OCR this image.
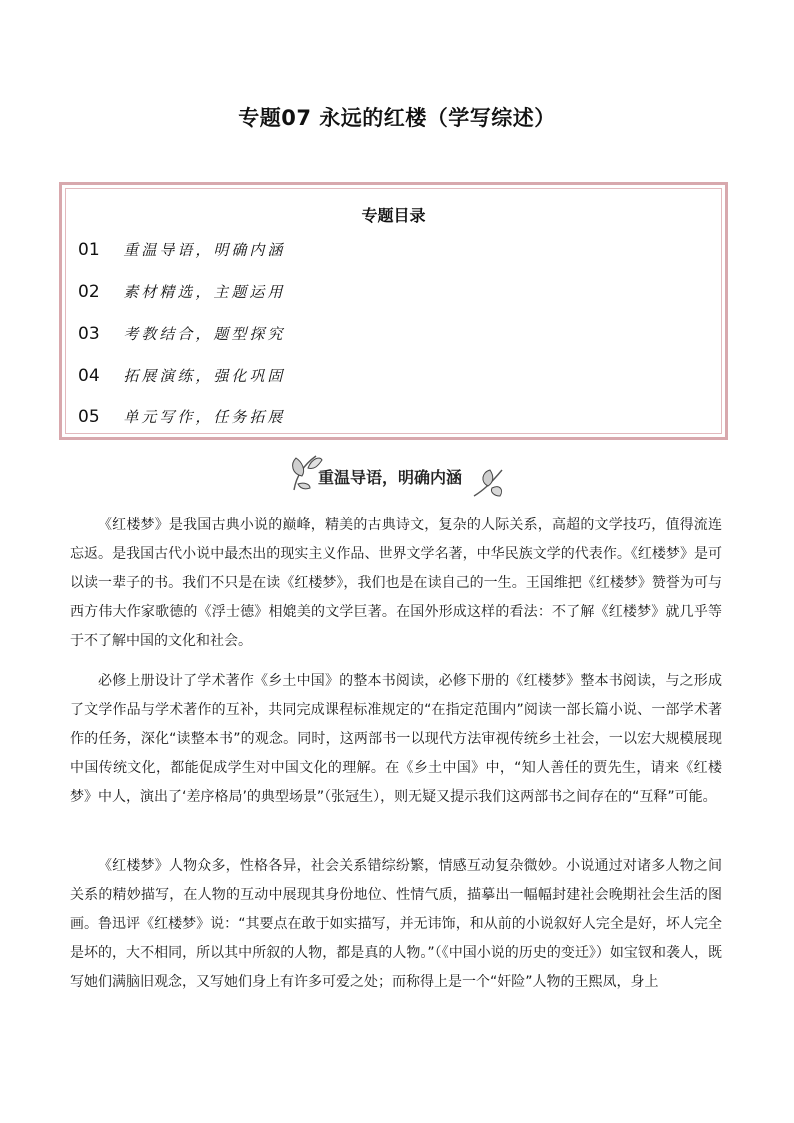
专题07 永远的红楼（学写综述）
专题目录
01 重温导语，明确内涵
02 素材精选，主题运用
03 考教结合，题型探究
04 拓展演练，强化巩固
05 单元写作，任务拓展
重温导语，明确内涵

《红楼梦》是我国古典小说的巅峰，精美的古典诗文，复杂的人际关系，高超的文学技巧，值得流连忘返。是我国古代小说中最杰出的现实主义作品、世界文学名著，中华民族文学的代表作。《红楼梦》是可以读一辈子的书。我们不只是在读《红楼梦》，我们也是在读自己的一生。王国维把《红楼梦》赞誉为可与西方伟大作家歌德的《浮士德》相媲美的文学巨著。在国外形成这样的看法：不了解《红楼梦》就几乎等于不了解中国的文化和社会。

必修上册设计了学术著作《乡土中国》的整本书阅读，必修下册的《红楼梦》整本书阅读，与之形成了文学作品与学术著作的互补，共同完成课程标准规定的“在指定范围内”阅读一部长篇小说、一部学术著作的任务，深化“读整本书”的观念。同时，这两部书一以现代方法审视传统乡土社会，一以宏大规模展现中国传统文化，都能促成学生对中国文化的理解。在《乡土中国》中，“知人善任的贾先生，请来《红楼梦》中人，演出了‘差序格局’的典型场景”（张冠生），则无疑又提示我们这两部书之间存在的“互释”可能。

《红楼梦》人物众多，性格各异，社会关系错综纷繁，情感互动复杂微妙。小说通过对诸多人物之间关系的精妙描写，在人物的互动中展现其身份地位、性情气质，描摹出一幅幅封建社会晚期社会生活的图画。鲁迅评《红楼梦》说：“其要点在敢于如实描写，并无讳饰，和从前的小说叙好人完全是好，坏人完全是坏的，大不相同，所以其中所叙的人物，都是真的人物。”（《中国小说的历史的变迁》）如宝钗和袭人，既写她们满脑旧观念，又写她们身上有许多可爱之处；而称得上是一个“奸险”人物的王熙凤，身上
